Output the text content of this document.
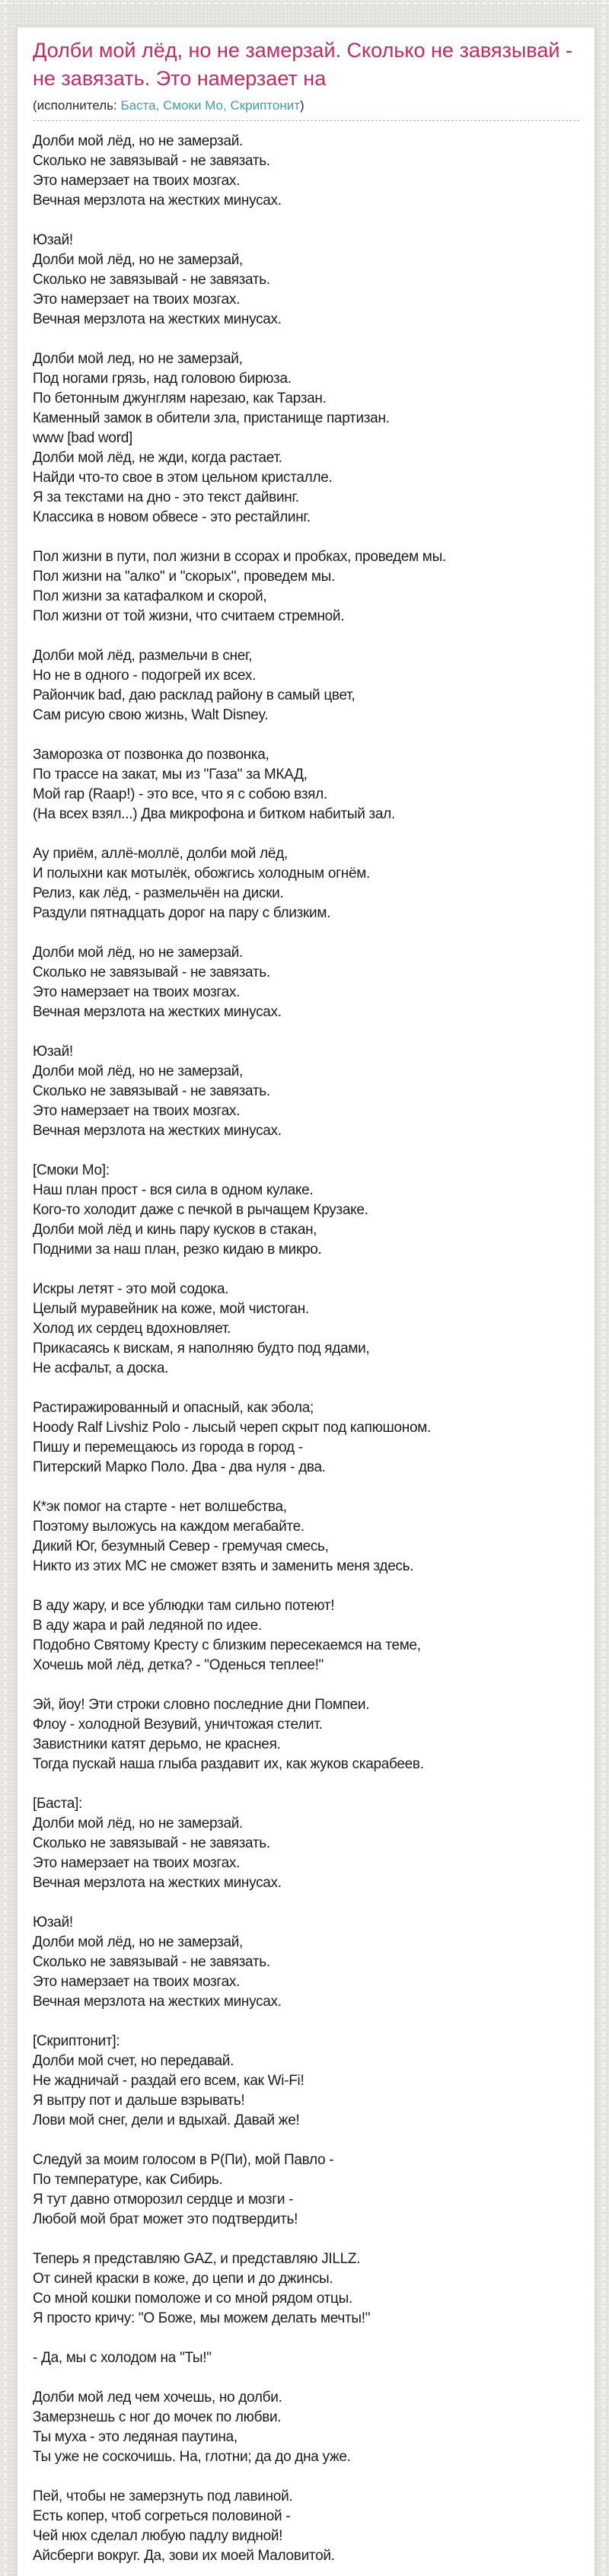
Долби мой лёд, но не замерзай. Сколько не завязывай - не завязать. Это намерзает на
(исполнитель: Баста, Смоки Мо, Скриптонит)

Долби мой лёд, но не замерзай.
Сколько не завязывай - не завязать.
Это намерзает на твоих мозгах.
Вечная мерзлота на жестких минусах.

Юзай!
Долби мой лёд, но не замерзай,
Сколько не завязывай - не завязать.
Это намерзает на твоих мозгах.
Вечная мерзлота на жестких минусах.

Долби мой лед, но не замерзай,
Под ногами грязь, над головою бирюза.
По бетонным джунглям нарезаю, как Тарзан.
Каменный замок в обители зла, пристанище партизан.
www [bad word]
Долби мой лёд, не жди, когда растает.
Найди что-то свое в этом цельном кристалле.
Я за текстами на дно - это текст дайвинг.
Классика в новом обвесе - это рестайлинг.

Пол жизни в пути, пол жизни в ссорах и пробках, проведем мы.
Пол жизни на "алко" и "скорых", проведем мы.
Пол жизни за катафалком и скорой,
Пол жизни от той жизни, что считаем стремной.

Долби мой лёд, размельчи в снег,
Но не в одного - подогрей их всех.
Райончик bad, даю расклад району в самый цвет,
Сам рисую свою жизнь, Walt Disney.

Заморозка от позвонка до позвонка,
По трассе на закат, мы из "Газа" за МКАД,
Мой rap (Raap!) - это все, что я с собою взял.
(На всех взял...) Два микрофона и битком набитый зал.

Ау приём, аллё-моллё, долби мой лёд,
И полыхни как мотылёк, обожгись холодным огнём.
Релиз, как лёд, - размельчён на диски.
Раздули пятнадцать дорог на пару с близким.

Долби мой лёд, но не замерзай.
Сколько не завязывай - не завязать.
Это намерзает на твоих мозгах.
Вечная мерзлота на жестких минусах.

Юзай!
Долби мой лёд, но не замерзай,
Сколько не завязывай - не завязать.
Это намерзает на твоих мозгах.
Вечная мерзлота на жестких минусах.

[Смоки Мо]:
Наш план прост - вся сила в одном кулаке.
Кого-то холодит даже с печкой в рычащем Крузаке.
Долби мой лёд и кинь пару кусков в стакан,
Подними за наш план, резко кидаю в микро.

Искры летят - это мой содока.
Целый муравейник на коже, мой чистоган.
Холод их сердец вдохновляет.
Прикасаясь к вискам, я наполняю будто под ядами,
Не асфальт, а доска.

Растиражированный и опасный, как эбола;
Hoody Ralf Livshiz Polo - лысый череп скрыт под капюшоном.
Пишу и перемещаюсь из города в город -
Питерский Марко Поло. Два - два нуля - два.

К*эк помог на старте - нет волшебства,
Поэтому выложусь на каждом мегабайте.
Дикий Юг, безумный Север - гремучая смесь,
Никто из этих МС не сможет взять и заменить меня здесь.

В аду жару, и все ублюдки там сильно потеют!
В аду жара и рай ледяной по идее.
Подобно Святому Кресту с близким пересекаемся на теме,
Хочешь мой лёд, детка? - "Оденься теплее!"

Эй, йоу! Эти строки словно последние дни Помпеи.
Флоу - холодной Везувий, уничтожая стелит.
Завистники катят дерьмо, не краснея.
Тогда пускай наша глыба раздавит их, как жуков скарабеев.

[Баста]:
Долби мой лёд, но не замерзай.
Сколько не завязывай - не завязать.
Это намерзает на твоих мозгах.
Вечная мерзлота на жестких минусах.

Юзай!
Долби мой лёд, но не замерзай,
Сколько не завязывай - не завязать.
Это намерзает на твоих мозгах.
Вечная мерзлота на жестких минусах.

[Скриптонит]:
Долби мой счет, но передавай.
Не жадничай - раздай его всем, как Wi-Fi!
Я вытру пот и дальше взрывать!
Лови мой снег, дели и вдыхай. Давай же!

Следуй за моим голосом в Р(Пи), мой Павло -
По температуре, как Сибирь.
Я тут давно отморозил сердце и мозги -
Любой мой брат может это подтвердить!

Теперь я представляю GAZ, и представляю JILLZ.
От синей краски в коже, до цепи и до джинсы.
Со мной кошки помоложе и со мной рядом отцы.
Я просто кричу: "О Боже, мы можем делать мечты!"

- Да, мы с холодом на "Ты!"

Долби мой лед чем хочешь, но долби.
Замерзнешь с ног до мочек по любви.
Ты муха - это ледяная паутина,
Ты уже не соскочишь. На, глотни; да до дна уже.

Пей, чтобы не замерзнуть под лавиной.
Есть копер, чтоб согреться половиной -
Чей нюх сделал любую падлу видной!
Айсберги вокруг. Да, зови их моей Маловитой.
